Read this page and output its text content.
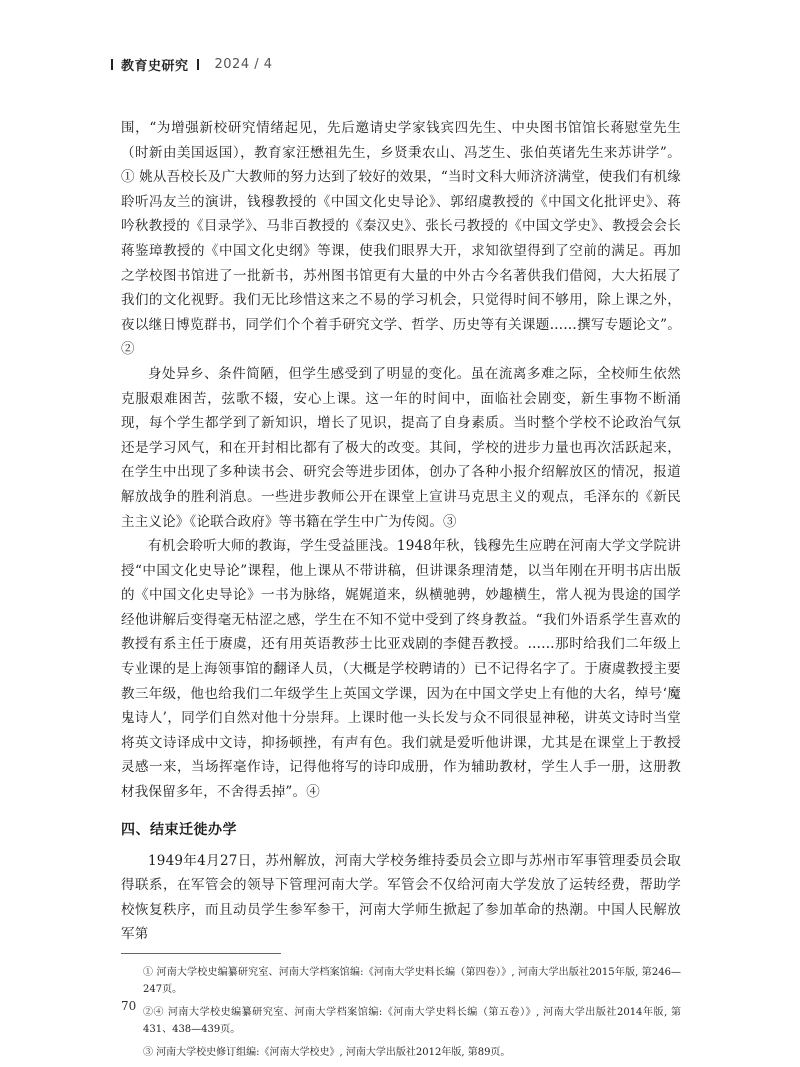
教育史研究 2024 / 4

围，“为增强新校研究情绪起见，先后邀请史学家钱宾四先生、中央图书馆馆长蒋慰堂先生（时新由美国返国），教育家汪懋祖先生，乡贤秉农山、冯芝生、张伯英诸先生来苏讲学”。① 姚从吾校长及广大教师的努力达到了较好的效果，“当时文科大师济济满堂，使我们有机缘聆听冯友兰的演讲，钱穆教授的《中国文化史导论》、郭绍虞教授的《中国文化批评史》、蒋吟秋教授的《目录学》、马非百教授的《秦汉史》、张长弓教授的《中国文学史》、教授会会长蒋鉴璋教授的《中国文化史纲》等课，使我们眼界大开，求知欲望得到了空前的满足。再加之学校图书馆进了一批新书，苏州图书馆更有大量的中外古今名著供我们借阅，大大拓展了我们的文化视野。我们无比珍惜这来之不易的学习机会，只觉得时间不够用，除上课之外，夜以继日博览群书，同学们个个着手研究文学、哲学、历史等有关课题……撰写专题论文”。②

身处异乡、条件简陋，但学生感受到了明显的变化。虽在流离多难之际，全校师生依然克服艰难困苦，弦歌不辍，安心上课。这一年的时间中，面临社会剧变，新生事物不断涌现，每个学生都学到了新知识，增长了见识，提高了自身素质。当时整个学校不论政治气氛还是学习风气，和在开封相比都有了极大的改变。其间，学校的进步力量也再次活跃起来，在学生中出现了多种读书会、研究会等进步团体，创办了各种小报介绍解放区的情况，报道解放战争的胜利消息。一些进步教师公开在课堂上宣讲马克思主义的观点，毛泽东的《新民主主义论》《论联合政府》等书籍在学生中广为传阅。③

有机会聆听大师的教诲，学生受益匪浅。1948年秋，钱穆先生应聘在河南大学文学院讲授“中国文化史导论”课程，他上课从不带讲稿，但讲课条理清楚，以当年刚在开明书店出版的《中国文化史导论》一书为脉络，娓娓道来，纵横驰骋，妙趣横生，常人视为畏途的国学经他讲解后变得毫无枯涩之感，学生在不知不觉中受到了终身教益。“我们外语系学生喜欢的教授有系主任于赓虞，还有用英语教莎士比亚戏剧的李健吾教授。……那时给我们二年级上专业课的是上海领事馆的翻译人员，（大概是学校聘请的）已不记得名字了。于赓虞教授主要教三年级，他也给我们二年级学生上英国文学课，因为在中国文学史上有他的大名，绰号‘魔鬼诗人’，同学们自然对他十分崇拜。上课时他一头长发与众不同很显神秘，讲英文诗时当堂将英文诗译成中文诗，抑扬顿挫，有声有色。我们就是爱听他讲课，尤其是在课堂上于教授灵感一来，当场挥毫作诗，记得他将写的诗印成册，作为辅助教材，学生人手一册，这册教材我保留多年，不舍得丢掉”。④

四、结束迁徙办学

1949年4月27日，苏州解放，河南大学校务维持委员会立即与苏州市军事管理委员会取得联系，在军管会的领导下管理河南大学。军管会不仅给河南大学发放了运转经费，帮助学校恢复秩序，而且动员学生参军参干，河南大学师生掀起了参加革命的热潮。中国人民解放军第

① 河南大学校史编纂研究室、河南大学档案馆编:《河南大学史料长编（第四卷）》, 河南大学出版社2015年版, 第246—247页。

②④ 河南大学校史编纂研究室、河南大学档案馆编:《河南大学史料长编（第五卷）》, 河南大学出版社2014年版, 第431、438—439页。

③ 河南大学校史修订组编:《河南大学校史》, 河南大学出版社2012年版, 第89页。

70
